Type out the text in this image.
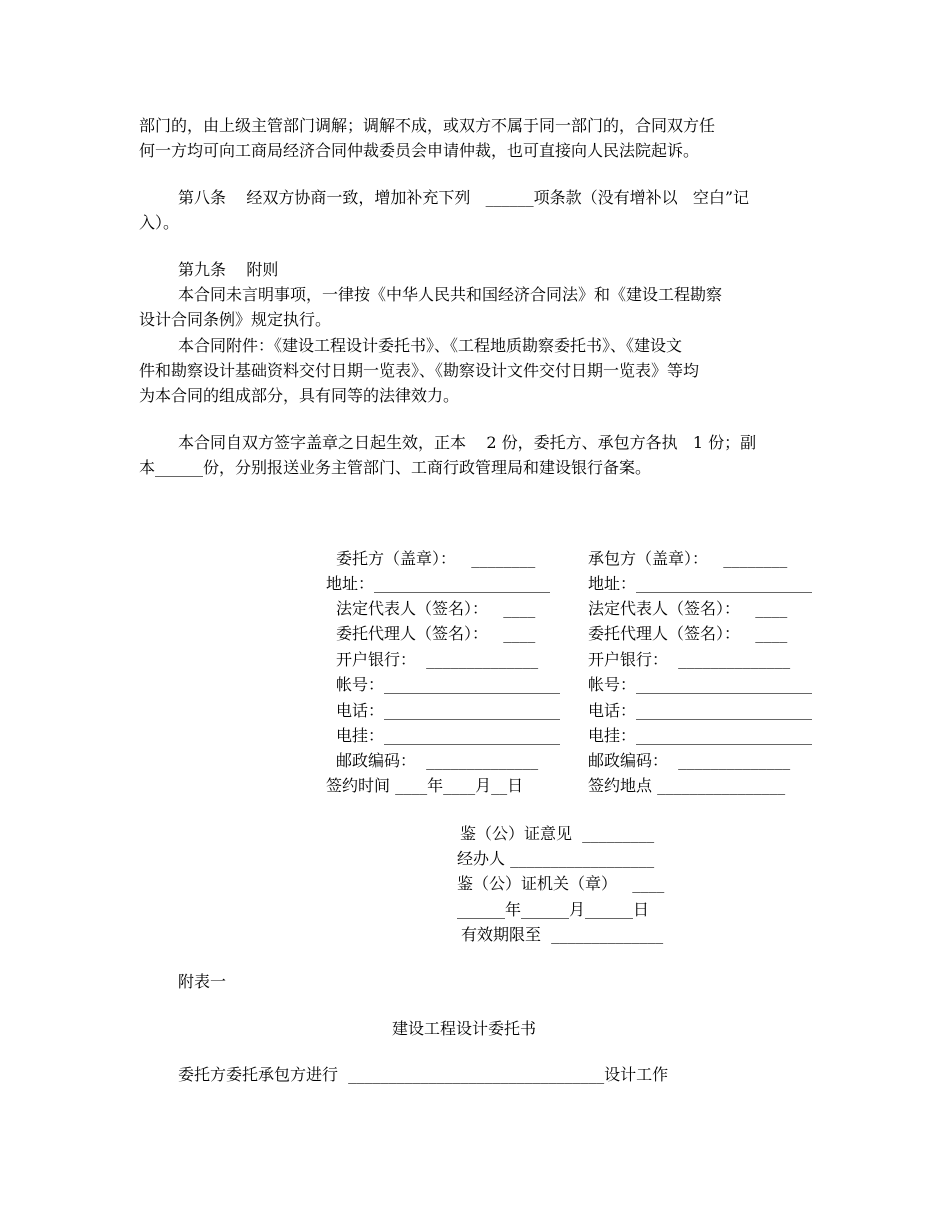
部门的，由上级主管部门调解；调解不成，或双方不属于同一部门的，合同双方任
何一方均可向工商局经济合同仲裁委员会申请仲裁，也可直接向人民法院起诉。
第八条    经双方协商一致，增加补充下列   ______项条款（没有增补以   空白”记
入）。
第九条    附则
本合同未言明事项，一律按《中华人民共和国经济合同法》和《建设工程勘察
设计合同条例》规定执行。
本合同附件：《建设工程设计委托书》、《工程地质勘察委托书》、《建设文
件和勘察设计基础资料交付日期一览表》、《勘察设计文件交付日期一览表》等均
为本合同的组成部分，具有同等的法律效力。
本合同自双方签字盖章之日起生效，正本    2 份，委托方、承包方各执   1 份；副
本______份，分别报送业务主管部门、工商行政管理局和建设银行备案。
委托方（盖章）：   ________
地址：______________________
法定代表人（签名）：   ____
委托代理人（签名）：   ____
开户银行：  ______________
帐号：______________________
电话：______________________
电挂：______________________
邮政编码：  ______________
签约时间 ____年____月__日
承包方（盖章）：   ________
地址：______________________
法定代表人（签名）：   ____
委托代理人（签名）：   ____
开户银行：  ______________
帐号：______________________
电话：______________________
电挂：______________________
邮政编码：  ______________
签约地点 ________________
鉴（公）证意见  _________
经办人 __________________
鉴（公）证机关（章）   ____
______年______月______日
有效期限至  ______________
附表一
建设工程设计委托书
委托方委托承包方进行  ________________________________设计工作
